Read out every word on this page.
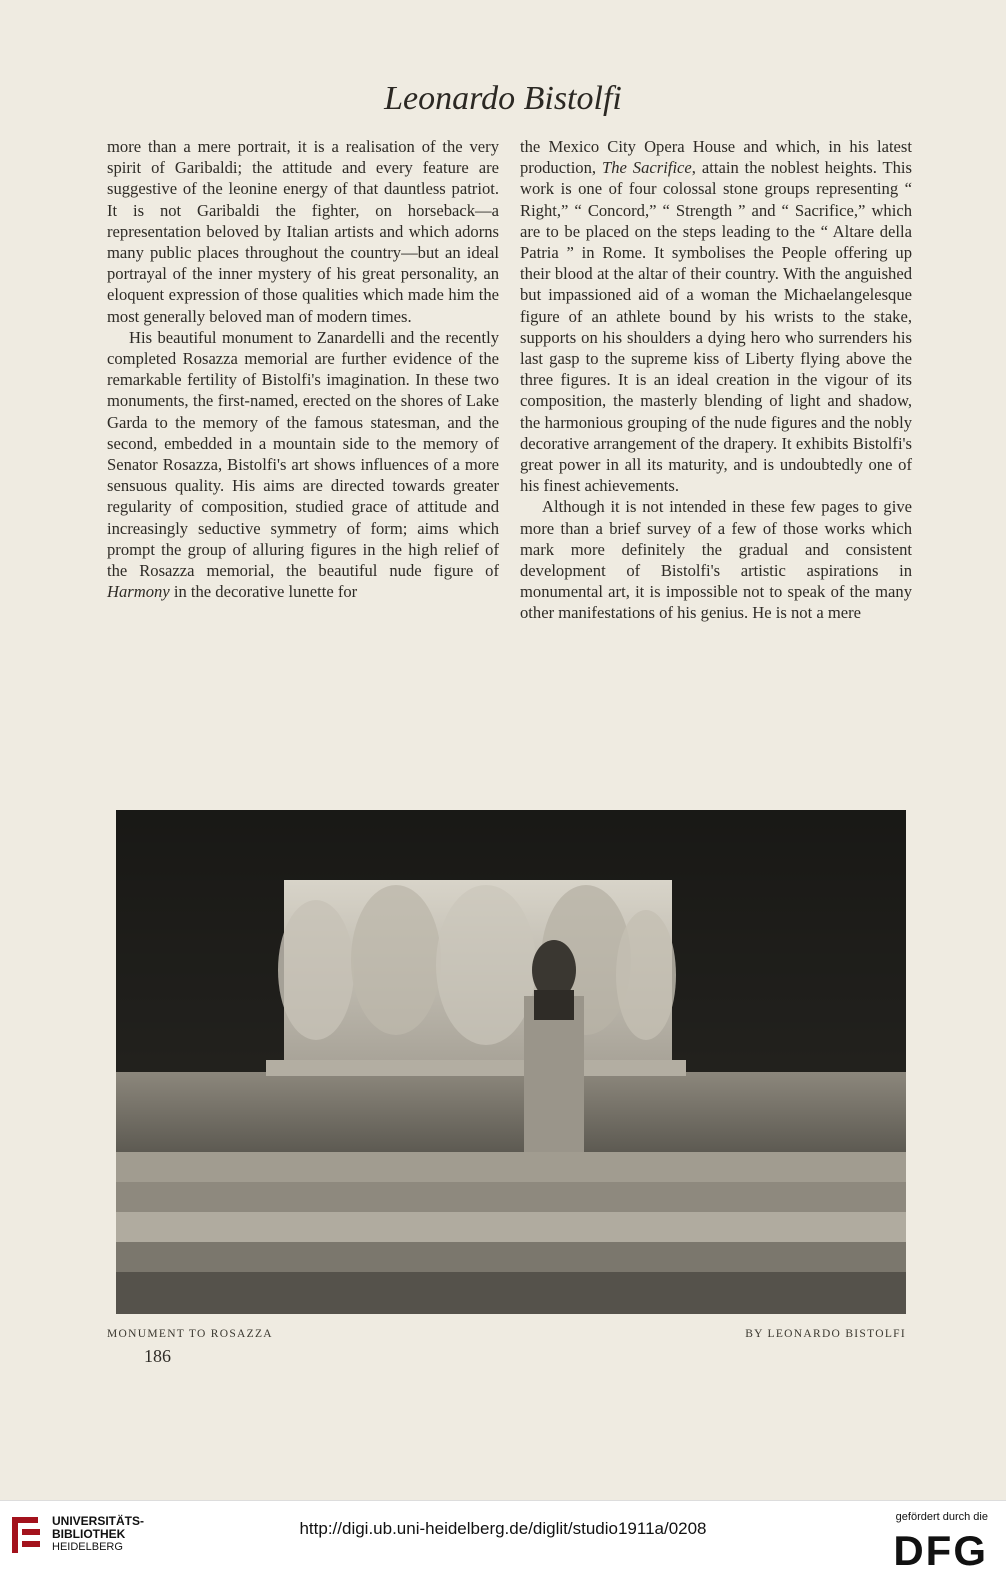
Leonardo Bistolfi

more than a mere portrait, it is a realisation of the very spirit of Garibaldi; the attitude and every feature are suggestive of the leonine energy of that dauntless patriot. It is not Garibaldi the fighter, on horseback—a representation beloved by Italian artists and which adorns many public places throughout the country—but an ideal portrayal of the inner mystery of his great personality, an eloquent expression of those qualities which made him the most generally beloved man of modern times.

His beautiful monument to Zanardelli and the recently completed Rosazza memorial are further evidence of the remarkable fertility of Bistolfi's imagination. In these two monuments, the first-named, erected on the shores of Lake Garda to the memory of the famous statesman, and the second, embedded in a mountain side to the memory of Senator Rosazza, Bistolfi's art shows influences of a more sensuous quality. His aims are directed towards greater regularity of composition, studied grace of attitude and increasingly seductive symmetry of form; aims which prompt the group of alluring figures in the high relief of the Rosazza memorial, the beautiful nude figure of Harmony in the decorative lunette for

the Mexico City Opera House and which, in his latest production, The Sacrifice, attain the noblest heights. This work is one of four colossal stone groups representing “ Right,” “ Concord,” “ Strength ” and “ Sacrifice,” which are to be placed on the steps leading to the “ Altare della Patria ” in Rome. It symbolises the People offering up their blood at the altar of their country. With the anguished but impassioned aid of a woman the Michaelangelesque figure of an athlete bound by his wrists to the stake, supports on his shoulders a dying hero who surrenders his last gasp to the supreme kiss of Liberty flying above the three figures. It is an ideal creation in the vigour of its composition, the masterly blending of light and shadow, the harmonious grouping of the nude figures and the nobly decorative arrangement of the drapery. It exhibits Bistolfi's great power in all its maturity, and is undoubtedly one of his finest achievements.

Although it is not intended in these few pages to give more than a brief survey of a few of those works which mark more definitely the gradual and consistent development of Bistolfi's artistic aspirations in monumental art, it is impossible not to speak of the many other manifestations of his genius. He is not a mere

MONUMENT TO ROSAZZA	BY LEONARDO BISTOLFI
186
UNIVERSITÄTS-
BIBLIOTHEK
HEIDELBERG
http://digi.ub.uni-heidelberg.de/diglit/studio1911a/0208
gefördert durch die
DFG
